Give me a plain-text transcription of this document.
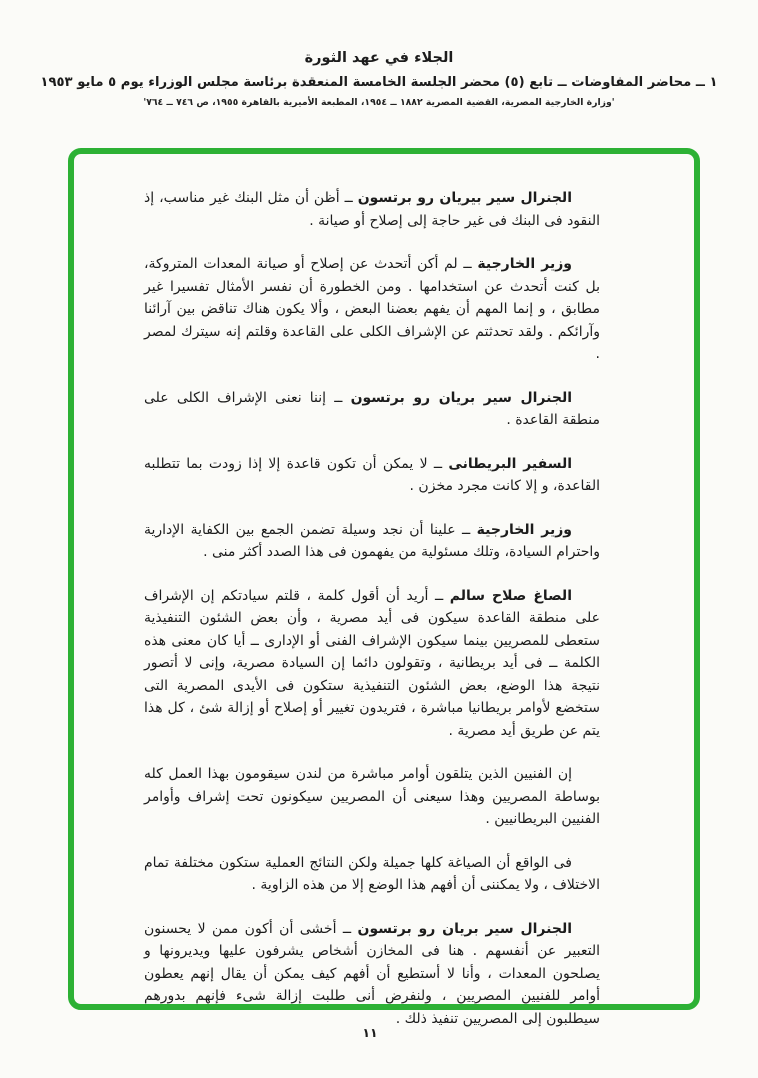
الجلاء في عهد الثورة
١ ــ محاضر المفاوضات ــ تابع (٥) محضر الجلسة الخامسة المنعقدة برئاسة مجلس الوزراء يوم ٥ مايو ١٩٥٣
'وزارة الخارجية المصرية، القضية المصرية ١٨٨٢ ــ ١٩٥٤، المطبعة الأميرية بالقاهرة ١٩٥٥، ص ٧٤٦ ــ ٧٦٤'

الجنرال سير بيريان رو برتسون ــ أظن أن مثل البنك غير مناسب، إذ النقود فى البنك فى غير حاجة إلى إصلاح أو صيانة .

وزير الخارجية ــ لم أكن أتحدث عن إصلاح أو صيانة المعدات المتروكة، بل كنت أتحدث عن استخدامها . ومن الخطورة أن نفسر الأمثال تفسيرا غير مطابق ، و إنما المهم أن يفهم بعضنا البعض ، وألا يكون هناك تناقض بين آرائنا وآرائكم . ولقد تحدثتم عن الإشراف الكلى على القاعدة وقلتم إنه سيترك لمصر .

الجنرال سير بريان رو برتسون ــ إننا نعنى الإشراف الكلى على منطقة القاعدة .

السفير البريطانى ــ لا يمكن أن تكون قاعدة إلا إذا زودت بما تتطلبه القاعدة، و إلا كانت مجرد مخزن .

وزير الخارجية ــ علينا أن نجد وسيلة تضمن الجمع بين الكفاية الإدارية واحترام السيادة، وتلك مسئولية من يفهمون فى هذا الصدد أكثر منى .

الصاغ صلاح سالم ــ أريد أن أقول كلمة ، قلتم سيادتكم إن الإشراف على منطقة القاعدة سيكون فى أيد مصرية ، وأن بعض الشئون التنفيذية ستعطى للمصريين بينما سيكون الإشراف الفنى أو الإدارى ــ أيا كان معنى هذه الكلمة ــ فى أيد بريطانية ، وتقولون دائما إن السيادة مصرية، وإنى لا أتصور نتيجة هذا الوضع، بعض الشئون التنفيذية ستكون فى الأيدى المصرية التى ستخضع لأوامر بريطانيا مباشرة ، فتريدون تغيير أو إصلاح أو إزالة شئ ، كل هذا يتم عن طريق أيد مصرية .

إن الفنيين الذين يتلقون أوامر مباشرة من لندن سيقومون بهذا العمل كله بوساطة المصريين وهذا سيعنى أن المصريين سيكونون تحت إشراف وأوامر الفنيين البريطانيين .

فى الواقع أن الصياغة كلها جميلة ولكن النتائج العملية ستكون مختلفة تمام الاختلاف ، ولا يمكننى أن أفهم هذا الوضع إلا من هذه الزاوية .

الجنرال سير بريان رو برتسون ــ أخشى أن أكون ممن لا يحسنون التعبير عن أنفسهم . هنا فى المخازن أشخاص يشرفون عليها ويديرونها و يصلحون المعدات ، وأنا لا أستطيع أن أفهم كيف يمكن أن يقال إنهم يعطون أوامر للفنيين المصريين ، ولنفرض أنى طلبت إزالة شىء فإنهم بدورهم سيطلبون إلى المصريين تنفيذ ذلك .

١١
